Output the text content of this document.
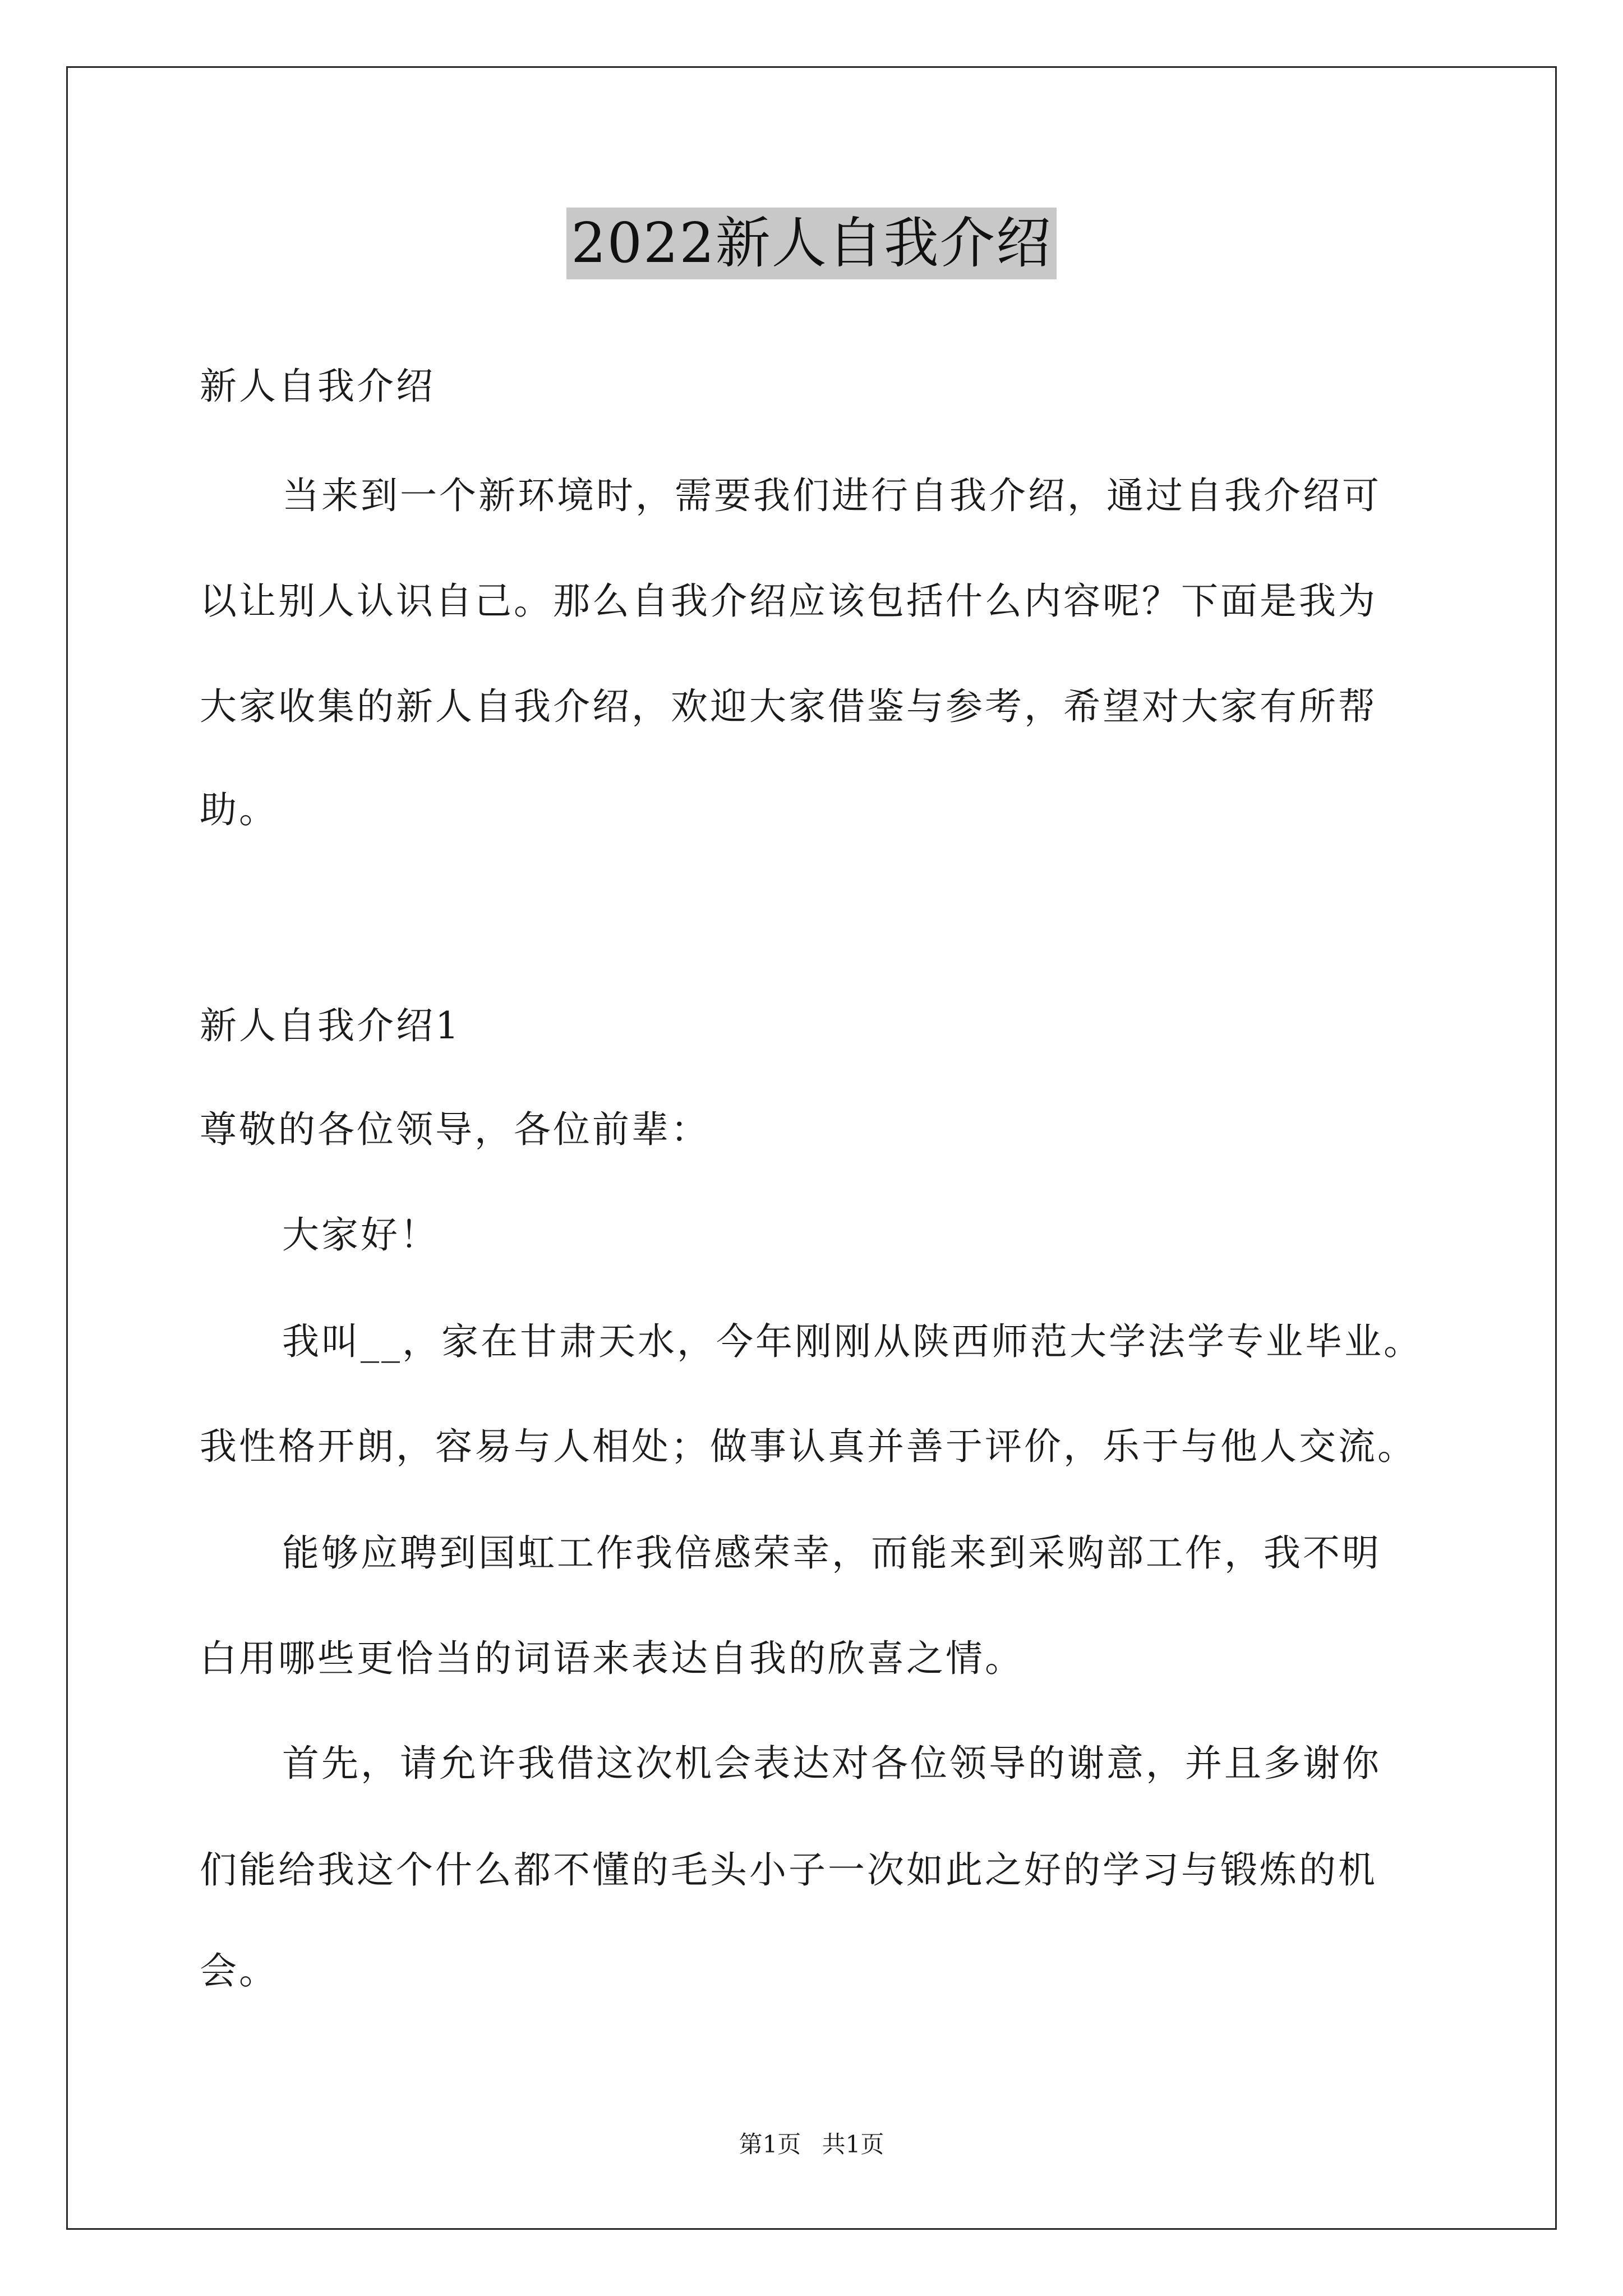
2022新人自我介绍
新人自我介绍
当来到一个新环境时，需要我们进行自我介绍，通过自我介绍可
以让别人认识自己。那么自我介绍应该包括什么内容呢？下面是我为
大家收集的新人自我介绍，欢迎大家借鉴与参考，希望对大家有所帮
助。
新人自我介绍1
尊敬的各位领导，各位前辈：
大家好！
我叫__，家在甘肃天水，今年刚刚从陕西师范大学法学专业毕业。
我性格开朗，容易与人相处；做事认真并善于评价，乐于与他人交流。
能够应聘到国虹工作我倍感荣幸，而能来到采购部工作，我不明
白用哪些更恰当的词语来表达自我的欣喜之情。
首先，请允许我借这次机会表达对各位领导的谢意，并且多谢你
们能给我这个什么都不懂的毛头小子一次如此之好的学习与锻炼的机
会。
第1页 共1页
